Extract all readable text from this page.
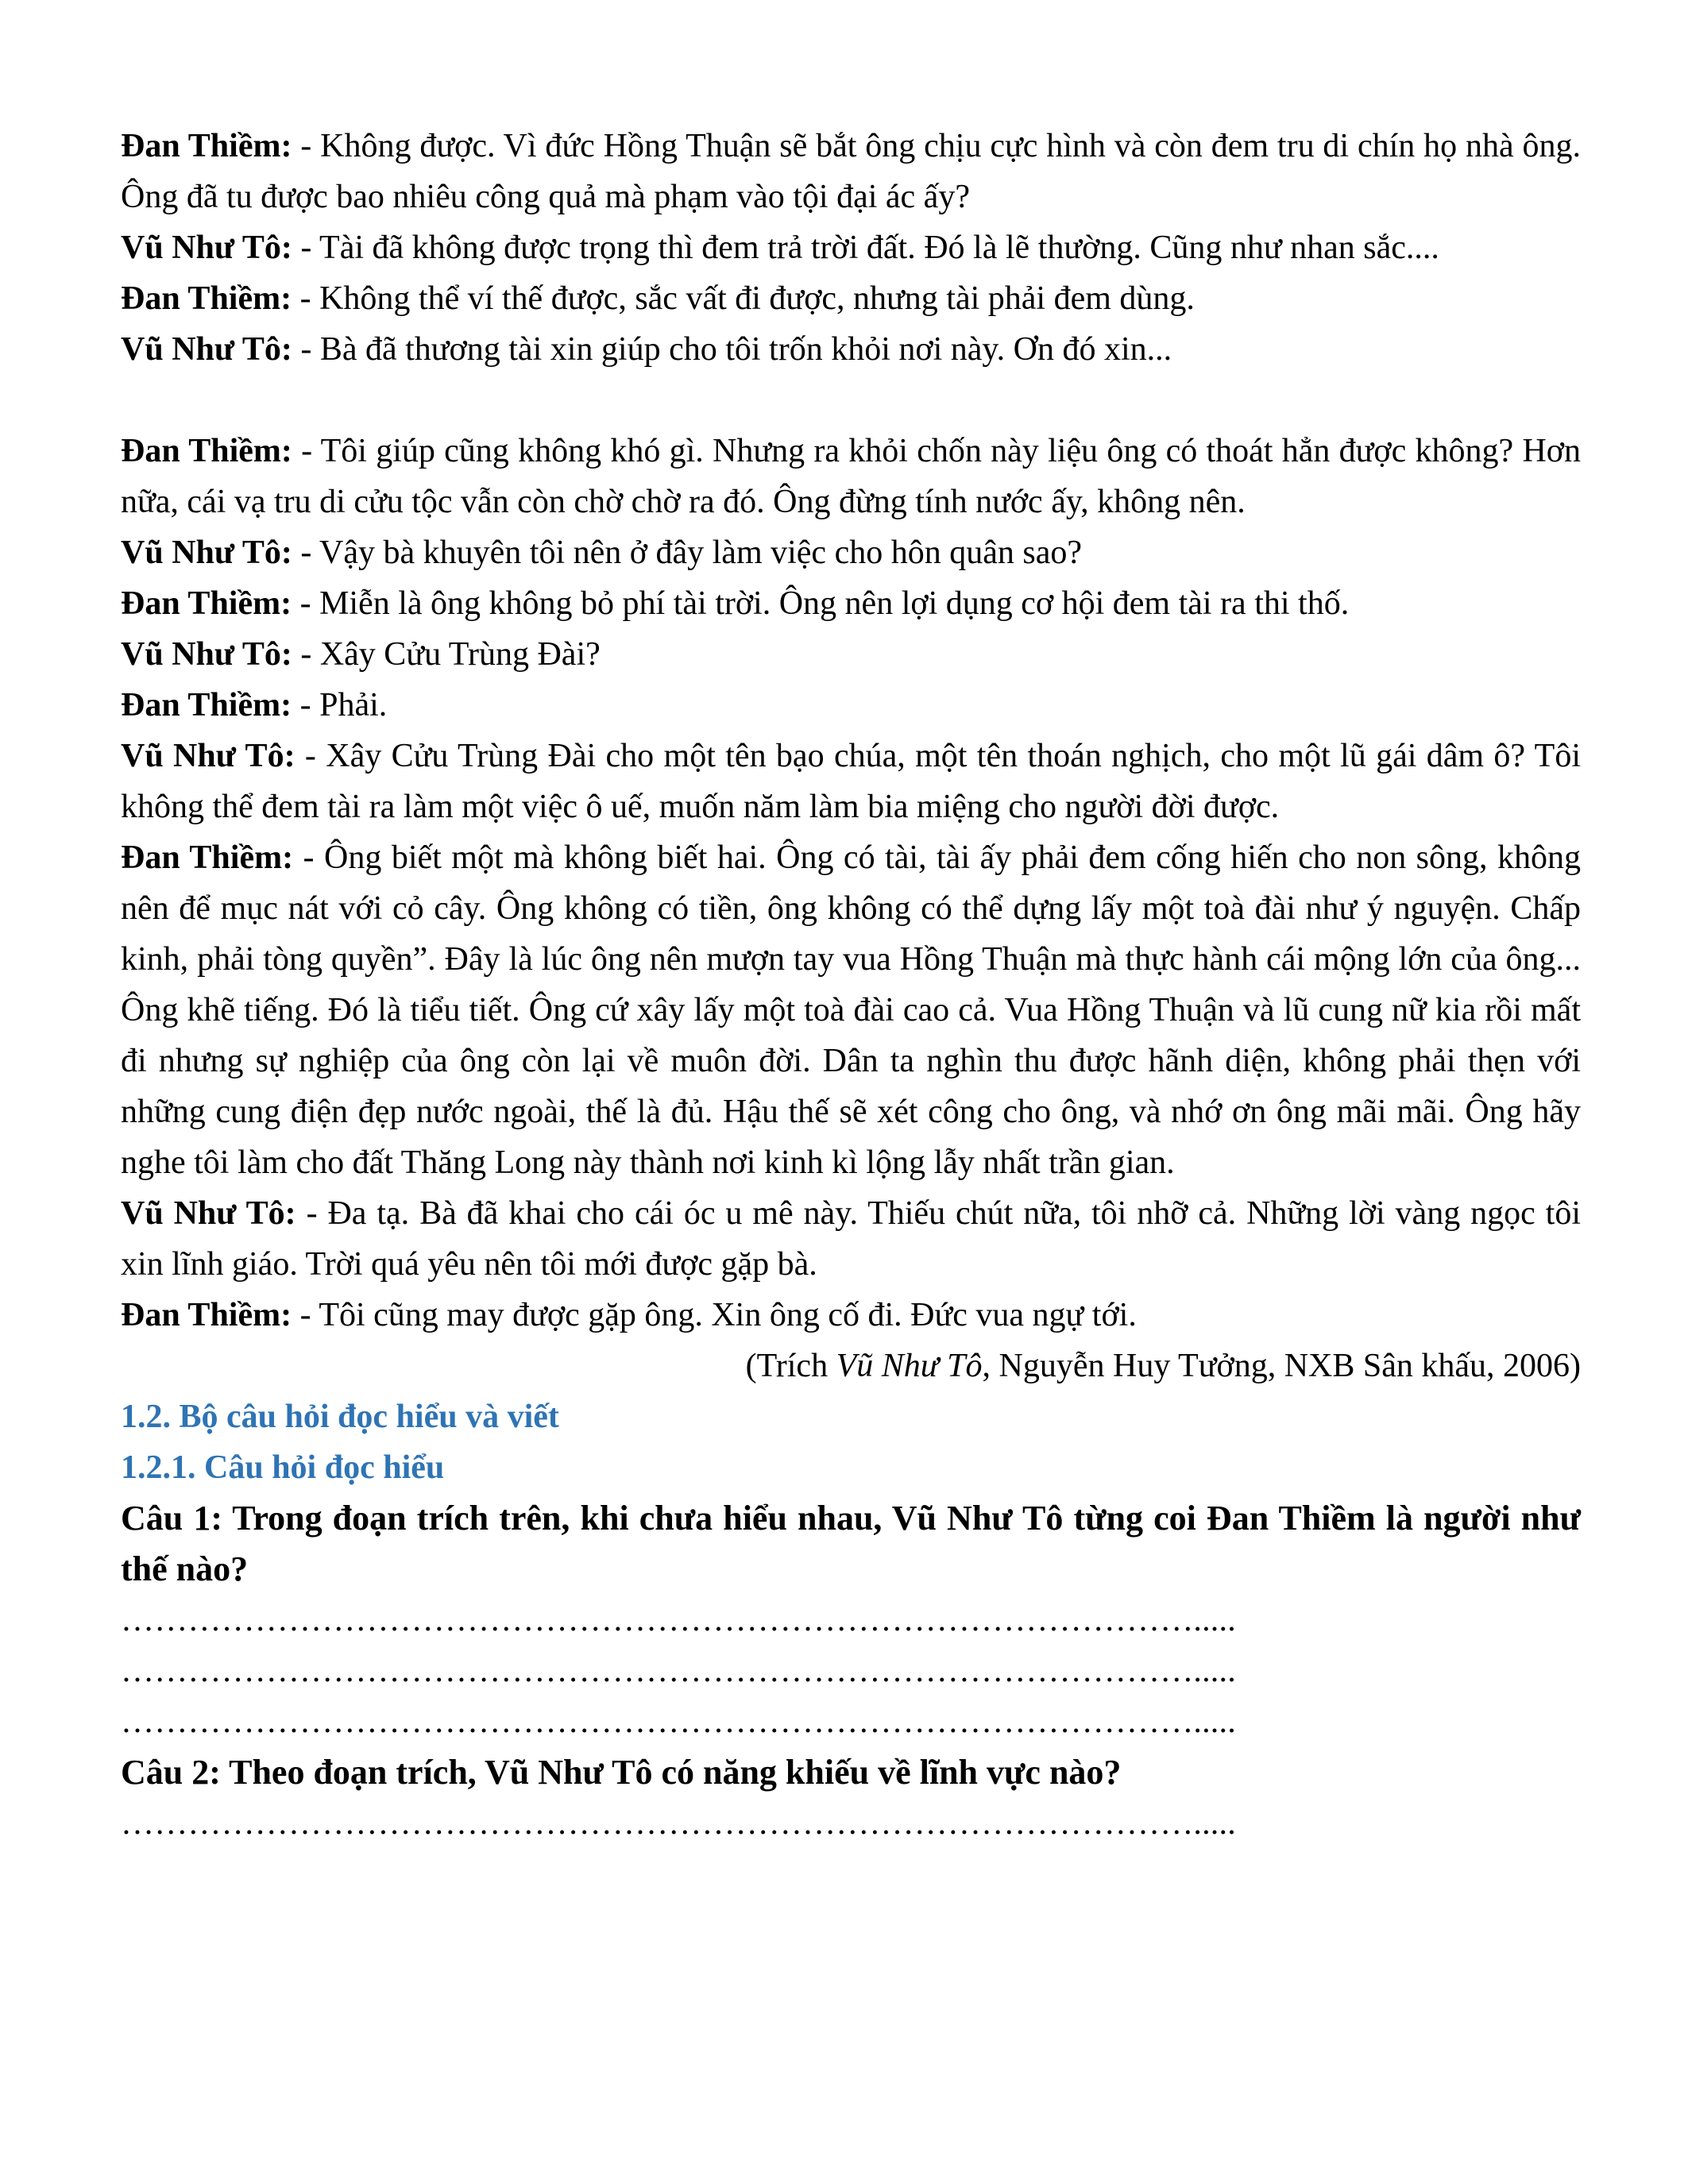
Đan Thiềm: - Không được. Vì đức Hồng Thuận sẽ bắt ông chịu cực hình và còn đem tru di chín họ nhà ông. Ông đã tu được bao nhiêu công quả mà phạm vào tội đại ác ấy?

Vũ Như Tô: - Tài đã không được trọng thì đem trả trời đất. Đó là lẽ thường. Cũng như nhan sắc....

Đan Thiềm: - Không thể ví thế được, sắc vất đi được, nhưng tài phải đem dùng.

Vũ Như Tô: - Bà đã thương tài xin giúp cho tôi trốn khỏi nơi này. Ơn đó xin...

Đan Thiềm: - Tôi giúp cũng không khó gì. Nhưng ra khỏi chốn này liệu ông có thoát hẳn được không? Hơn nữa, cái vạ tru di cửu tộc vẫn còn chờ chờ ra đó. Ông đừng tính nước ấy, không nên.

Vũ Như Tô: - Vậy bà khuyên tôi nên ở đây làm việc cho hôn quân sao?

Đan Thiềm: - Miễn là ông không bỏ phí tài trời. Ông nên lợi dụng cơ hội đem tài ra thi thố.

Vũ Như Tô: - Xây Cửu Trùng Đài?

Đan Thiềm: - Phải.

Vũ Như Tô: - Xây Cửu Trùng Đài cho một tên bạo chúa, một tên thoán nghịch, cho một lũ gái dâm ô? Tôi không thể đem tài ra làm một việc ô uế, muốn năm làm bia miệng cho người đời được.

Đan Thiềm: - Ông biết một mà không biết hai. Ông có tài, tài ấy phải đem cống hiến cho non sông, không nên để mục nát với cỏ cây. Ông không có tiền, ông không có thể dựng lấy một toà đài như ý nguyện. Chấp kinh, phải tòng quyền”. Đây là lúc ông nên mượn tay vua Hồng Thuận mà thực hành cái mộng lớn của ông... Ông khẽ tiếng. Đó là tiểu tiết. Ông cứ xây lấy một toà đài cao cả. Vua Hồng Thuận và lũ cung nữ kia rồi mất đi nhưng sự nghiệp của ông còn lại về muôn đời. Dân ta nghìn thu được hãnh diện, không phải thẹn với những cung điện đẹp nước ngoài, thế là đủ. Hậu thế sẽ xét công cho ông, và nhớ ơn ông mãi mãi. Ông hãy nghe tôi làm cho đất Thăng Long này thành nơi kinh kì lộng lẫy nhất trần gian.

Vũ Như Tô: - Đa tạ. Bà đã khai cho cái óc u mê này. Thiếu chút nữa, tôi nhỡ cả. Những lời vàng ngọc tôi xin lĩnh giáo. Trời quá yêu nên tôi mới được gặp bà.

Đan Thiềm: - Tôi cũng may được gặp ông. Xin ông cố đi. Đức vua ngự tới.

(Trích Vũ Như Tô, Nguyễn Huy Tưởng, NXB Sân khấu, 2006)

1.2. Bộ câu hỏi đọc hiểu và viết

1.2.1. Câu hỏi đọc hiểu

Câu 1: Trong đoạn trích trên, khi chưa hiểu nhau, Vũ Như Tô từng coi Đan Thiềm là người như thế nào?

…………………………………………………………………………………….....

…………………………………………………………………………………….....

…………………………………………………………………………………….....

Câu 2: Theo đoạn trích, Vũ Như Tô có năng khiếu về lĩnh vực nào?

…………………………………………………………………………………….....
